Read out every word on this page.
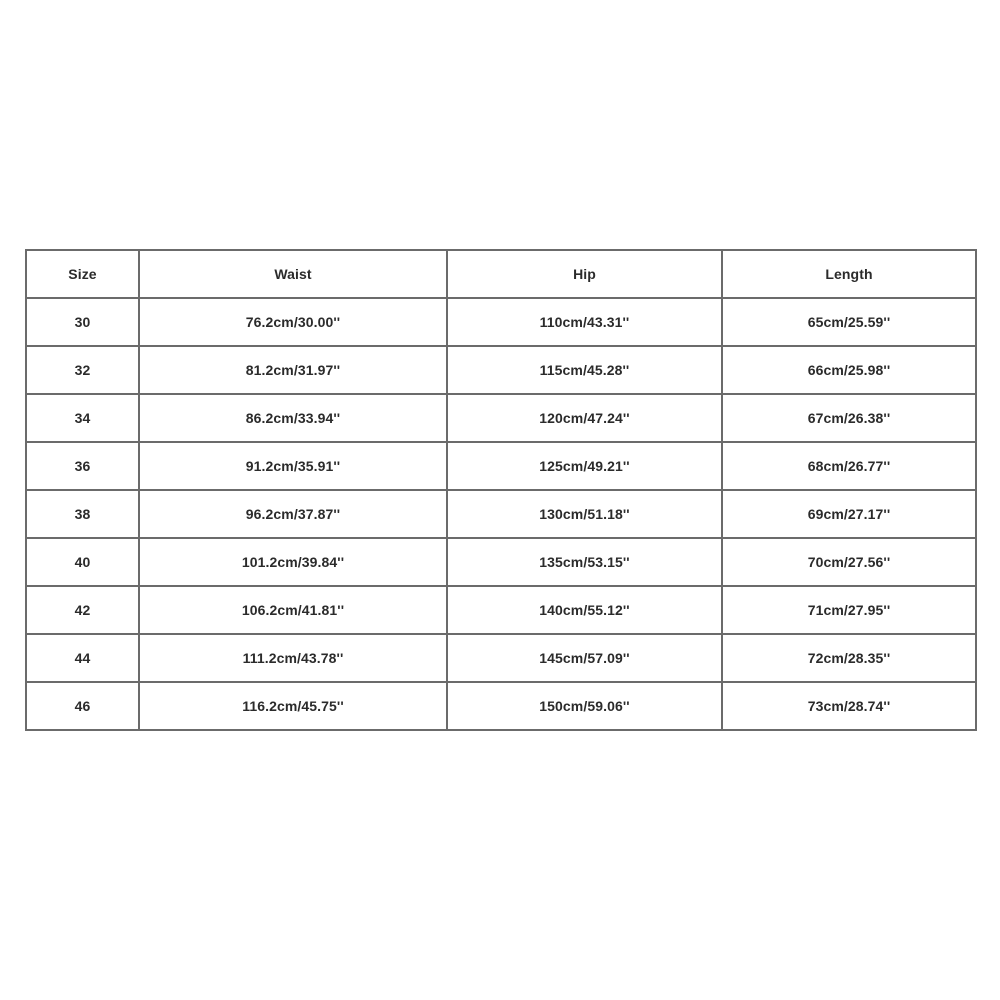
Size	Waist	Hip	Length
30	76.2cm/30.00''	110cm/43.31''	65cm/25.59''
32	81.2cm/31.97''	115cm/45.28''	66cm/25.98''
34	86.2cm/33.94''	120cm/47.24''	67cm/26.38''
36	91.2cm/35.91''	125cm/49.21''	68cm/26.77''
38	96.2cm/37.87''	130cm/51.18''	69cm/27.17''
40	101.2cm/39.84''	135cm/53.15''	70cm/27.56''
42	106.2cm/41.81''	140cm/55.12''	71cm/27.95''
44	111.2cm/43.78''	145cm/57.09''	72cm/28.35''
46	116.2cm/45.75''	150cm/59.06''	73cm/28.74''
